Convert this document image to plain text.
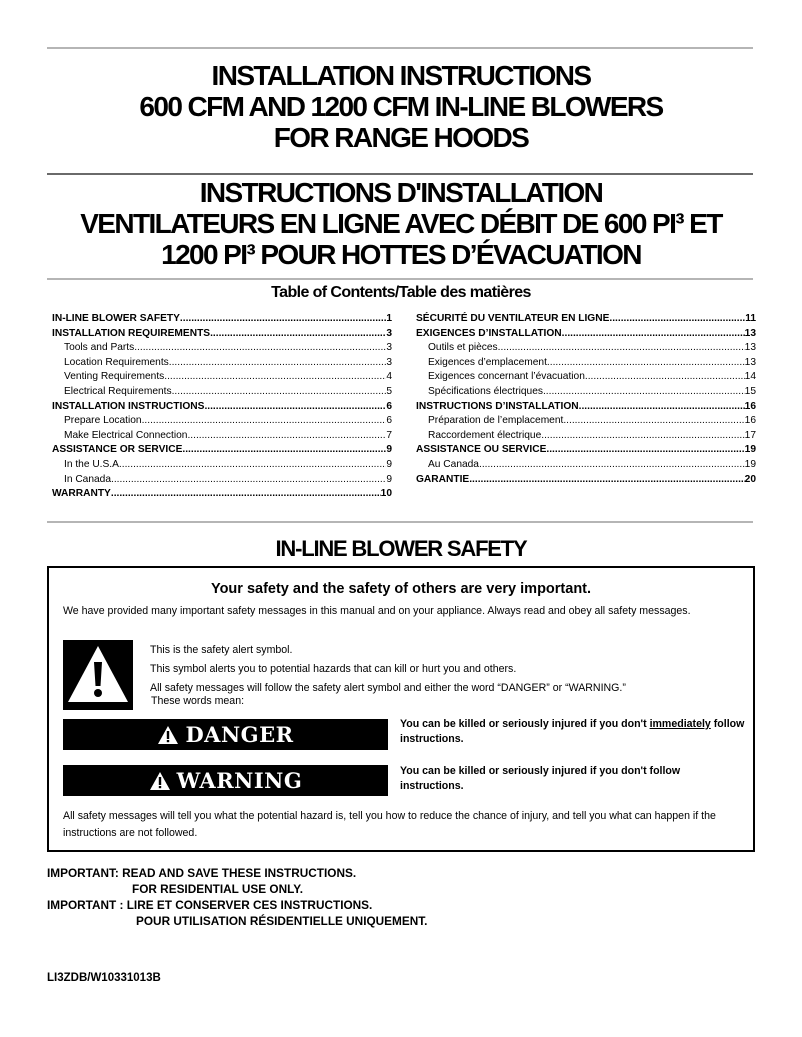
INSTALLATION INSTRUCTIONS
600 CFM AND 1200 CFM IN-LINE BLOWERS
FOR RANGE HOODS
INSTRUCTIONS D'INSTALLATION
VENTILATEURS EN LIGNE AVEC DÉBIT DE 600 PI³ ET
1200 PI³ POUR HOTTES D’ÉVACUATION
Table of Contents/Table des matières
IN-LINE BLOWER SAFETY .....	1
INSTALLATION REQUIREMENTS .....	3
Tools and Parts .....	3
Location Requirements .....	3
Venting Requirements .....	4
Electrical Requirements .....	5
INSTALLATION INSTRUCTIONS .....	6
Prepare Location .....	6
Make Electrical Connection .....	7
ASSISTANCE OR SERVICE .....	9
In the U.S.A. .....	9
In Canada .....	9
WARRANTY .....	10
SÉCURITÉ DU VENTILATEUR EN LIGNE .....	11
EXIGENCES D’INSTALLATION .....	13
Outils et pièces .....	13
Exigences d’emplacement .....	13
Exigences concernant l’évacuation .....	14
Spécifications électriques .....	15
INSTRUCTIONS D’INSTALLATION .....	16
Préparation de l’emplacement .....	16
Raccordement électrique .....	17
ASSISTANCE OU SERVICE .....	19
Au Canada .....	19
GARANTIE .....	20
IN-LINE BLOWER SAFETY
Your safety and the safety of others are very important.
We have provided many important safety messages in this manual and on your appliance. Always read and obey all safety messages.
This is the safety alert symbol.
This symbol alerts you to potential hazards that can kill or hurt you and others.
All safety messages will follow the safety alert symbol and either the word “DANGER” or “WARNING.”
These words mean:
DANGER	You can be killed or seriously injured if you don't immediately follow instructions.
WARNING	You can be killed or seriously injured if you don't follow instructions.
All safety messages will tell you what the potential hazard is, tell you how to reduce the chance of injury, and tell you what can happen if the instructions are not followed.
IMPORTANT: READ AND SAVE THESE INSTRUCTIONS.
FOR RESIDENTIAL USE ONLY.
IMPORTANT : LIRE ET CONSERVER CES INSTRUCTIONS.
POUR UTILISATION RÉSIDENTIELLE UNIQUEMENT.
LI3ZDB/W10331013B
